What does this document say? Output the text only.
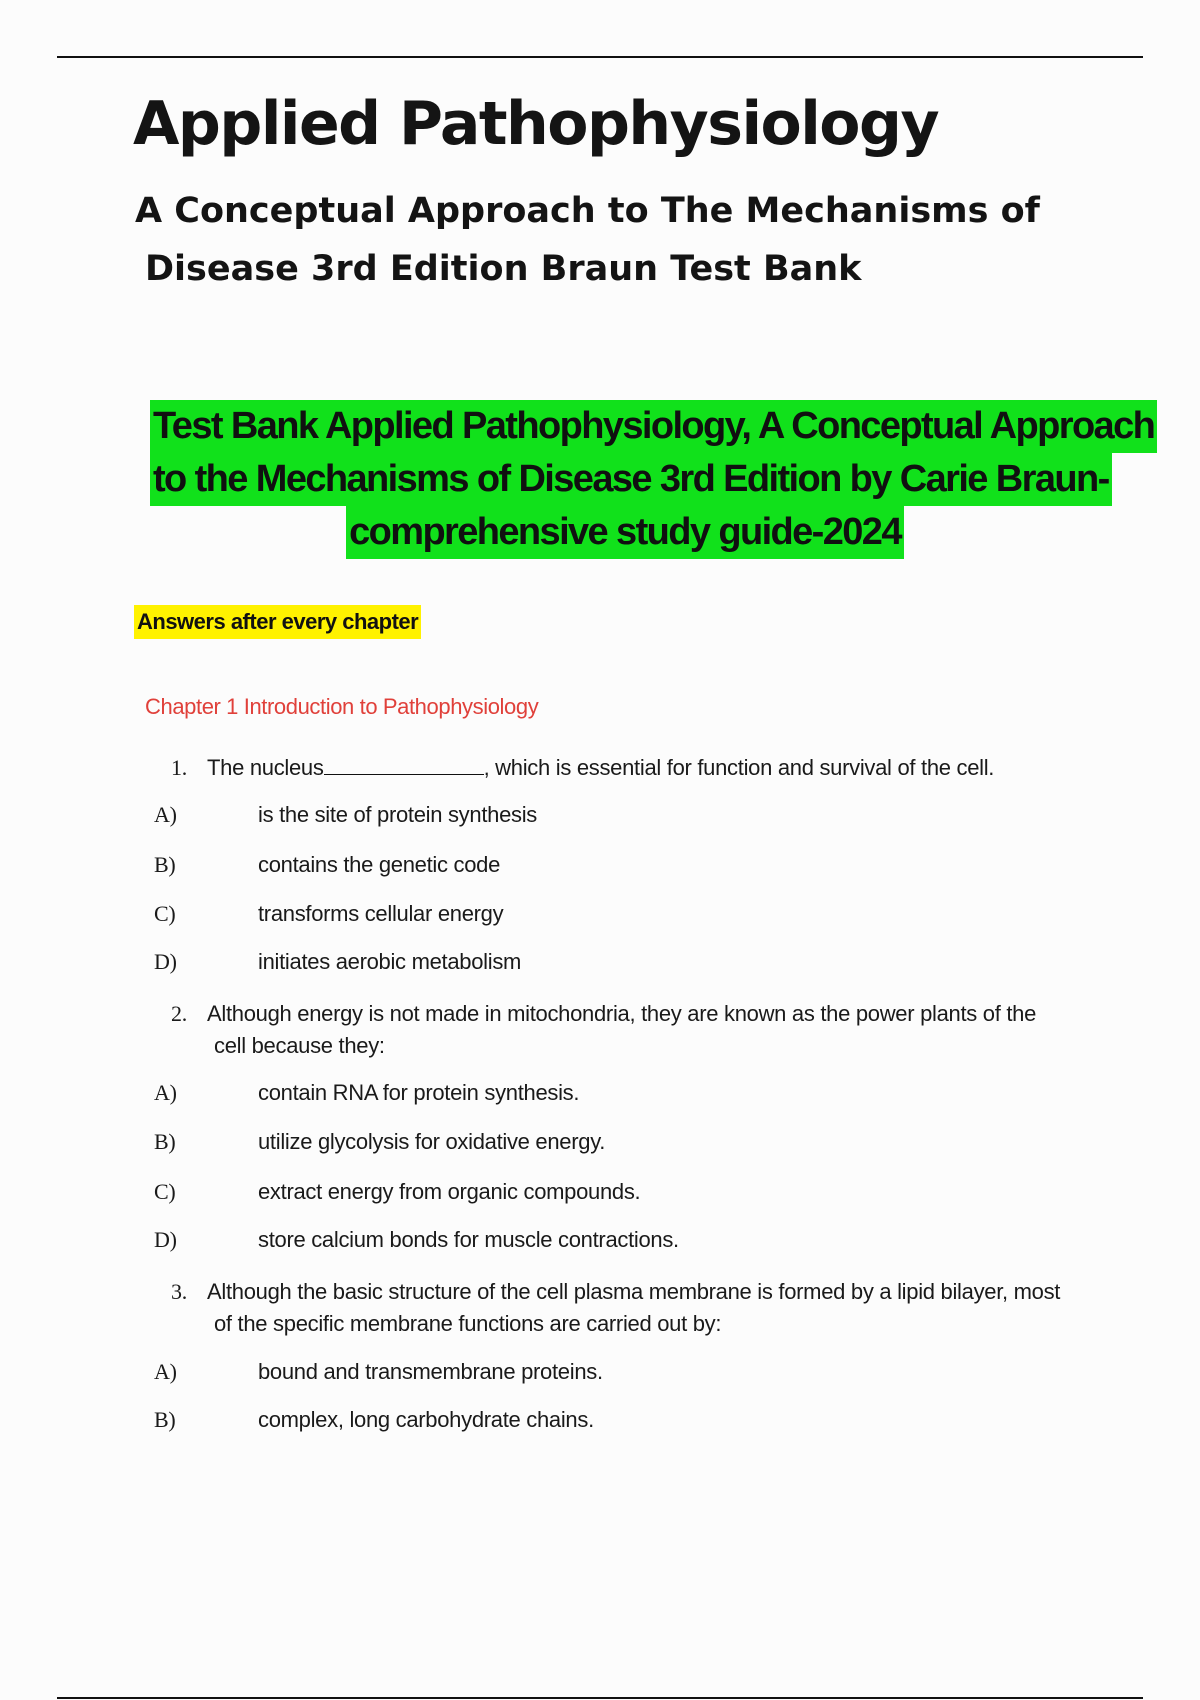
Applied Pathophysiology
A Conceptual Approach to The Mechanisms of
Disease 3rd Edition Braun Test Bank
Test Bank Applied Pathophysiology, A Conceptual Approach
to the Mechanisms of Disease 3rd Edition by Carie Braun-
comprehensive study guide-2024
Answers after every chapter
Chapter 1 Introduction to Pathophysiology
1. The nucleus	, which is essential for function and survival of the cell.
A)	is the site of protein synthesis
B)	contains the genetic code
C)	transforms cellular energy
D)	initiates aerobic metabolism
2. Although energy is not made in mitochondria, they are known as the power plants of the
cell because they:
A)	contain RNA for protein synthesis.
B)	utilize glycolysis for oxidative energy.
C)	extract energy from organic compounds.
D)	store calcium bonds for muscle contractions.
3. Although the basic structure of the cell plasma membrane is formed by a lipid bilayer, most
of the specific membrane functions are carried out by:
A)	bound and transmembrane proteins.
B)	complex, long carbohydrate chains.
